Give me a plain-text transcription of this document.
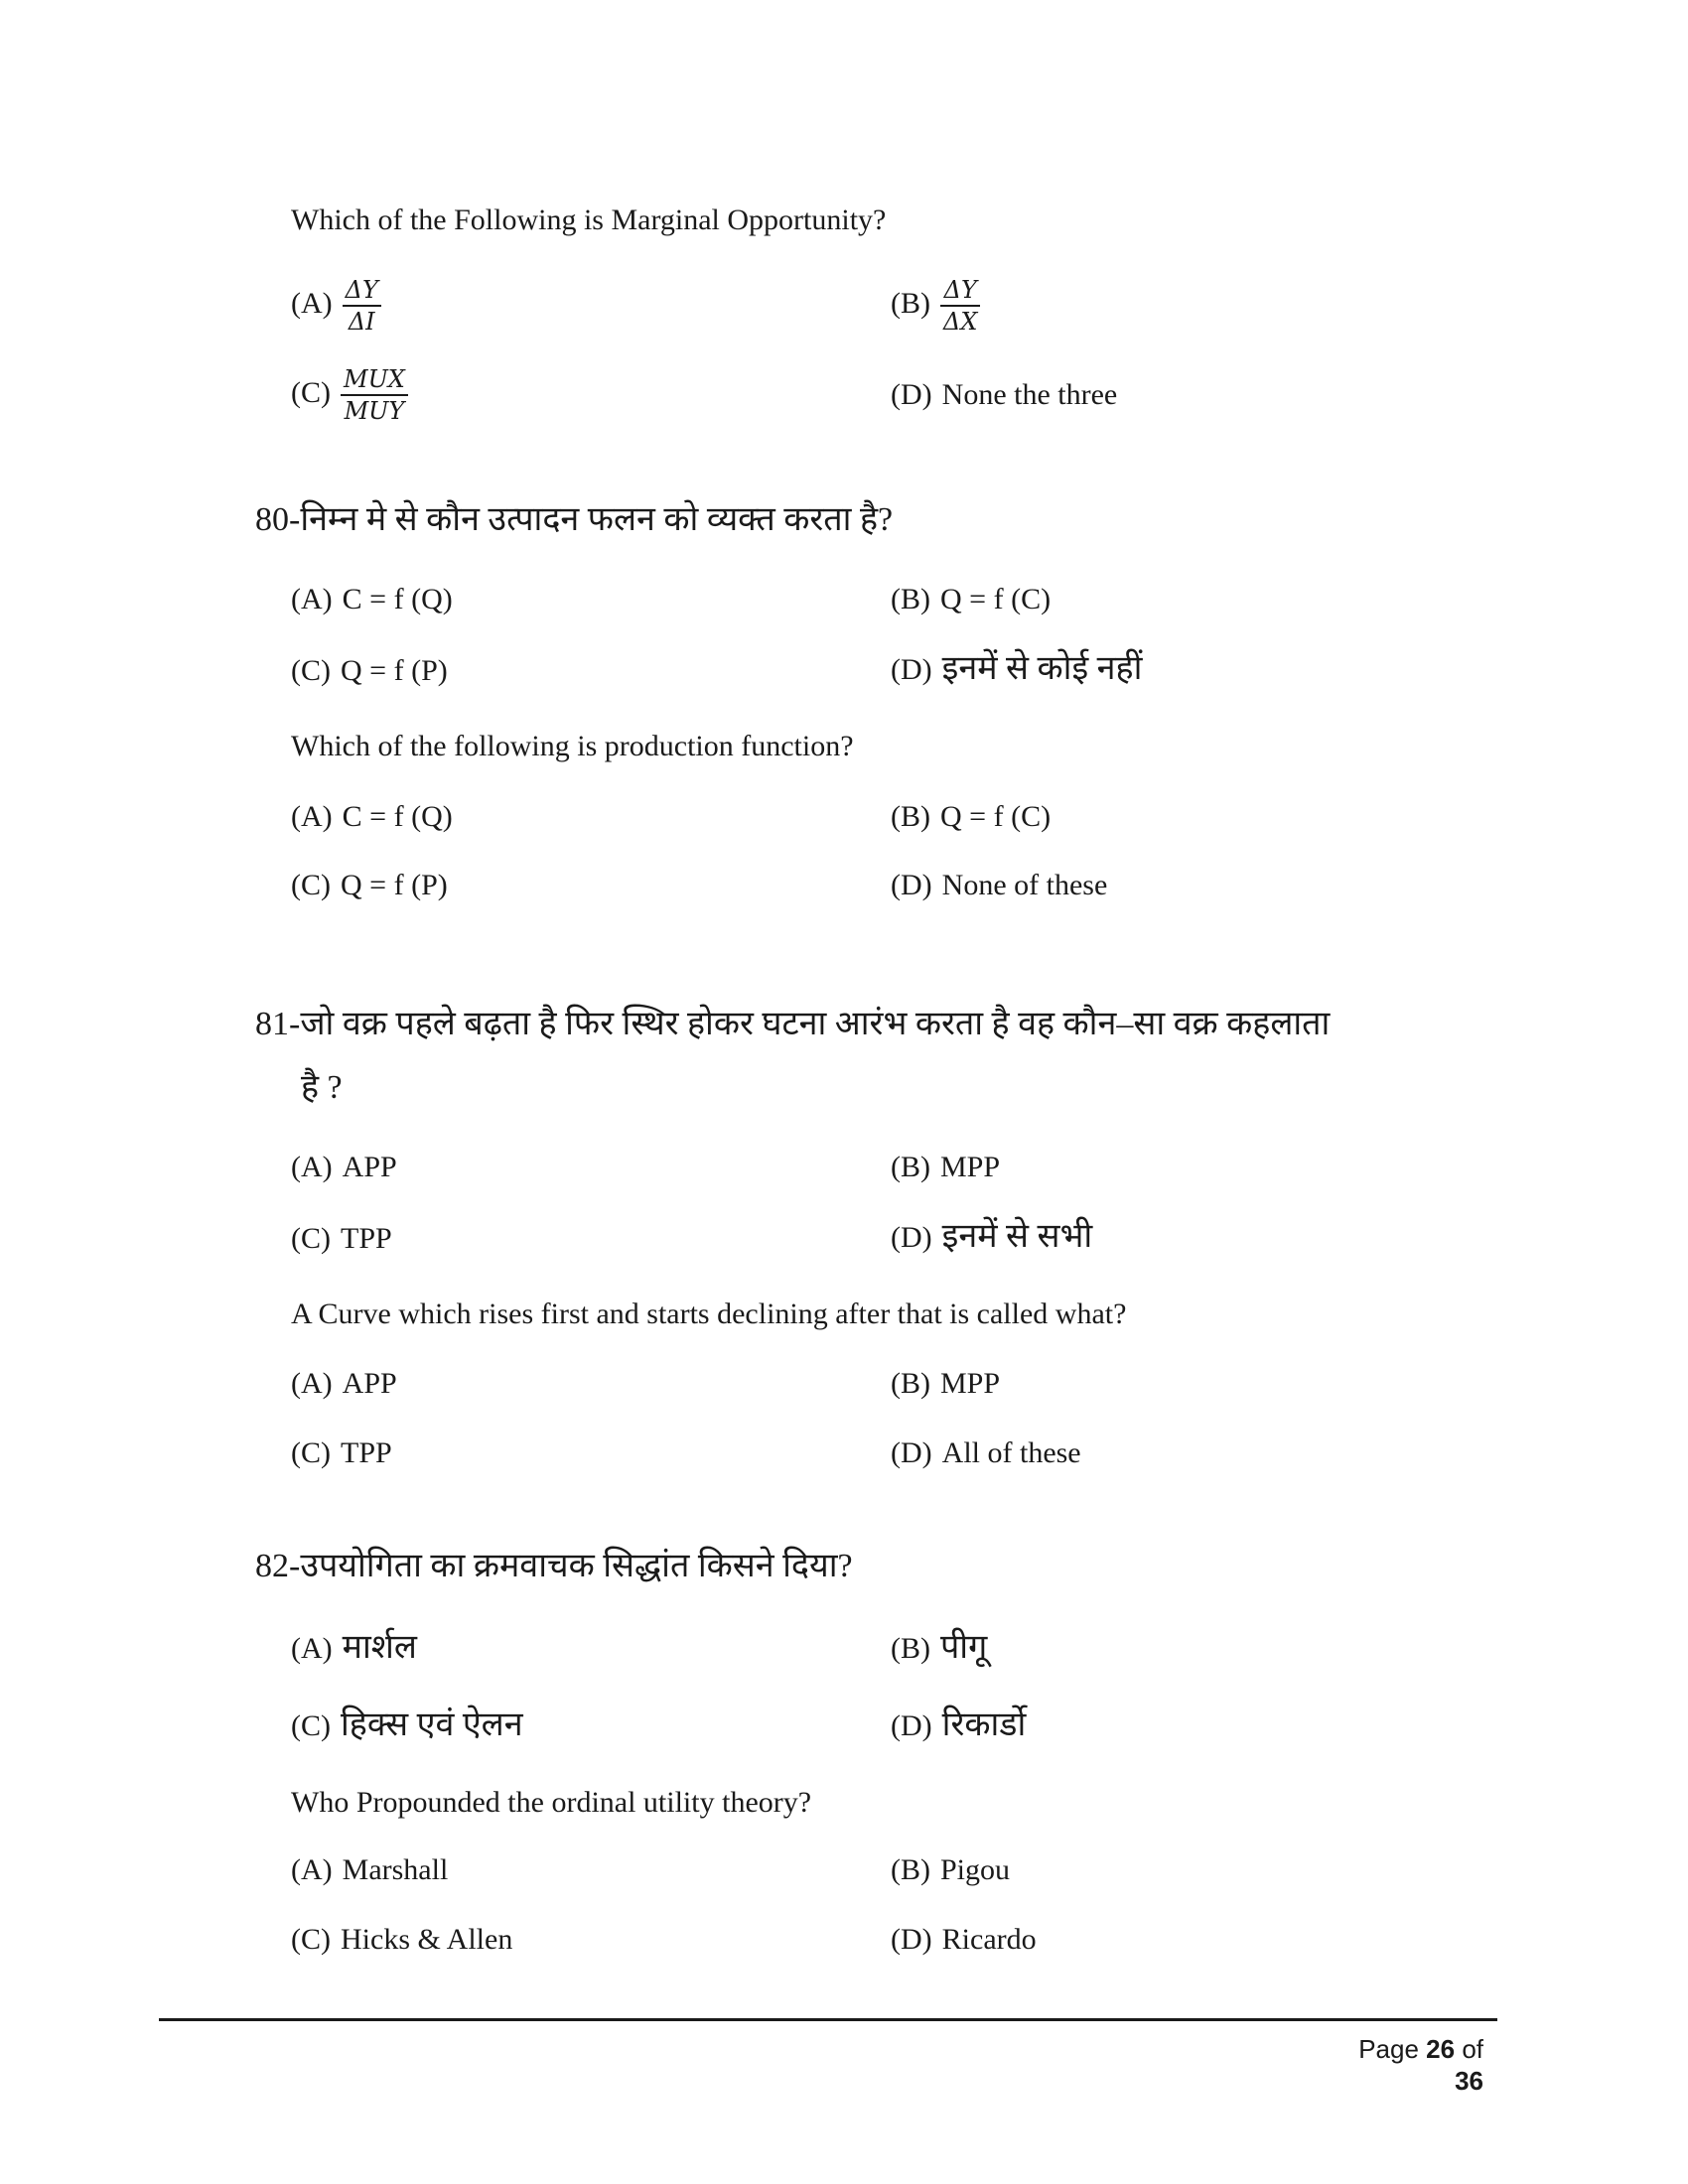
Which of the Following is Marginal Opportunity?
$(A) \frac{\Delta Y}{\Delta I}$	$(B) \frac{\Delta Y}{\Delta X}$
$(C) \frac{\text{MUX}}{\text{MUY}}$	(D) None the three
80-निम्न मे से कौन उत्पादन फलन को व्यक्त करता है?
(A) C = f (Q)	(B) Q = f (C)
(C) Q = f (P)	(D) इनमें से कोई नहीं
Which of the following is production function?
(A) C = f (Q)	(B) Q = f (C)
(C) Q = f (P)	(D) None of these
81-जो वक्र पहले बढ़ता है फिर स्थिर होकर घटना आरंभ करता है वह कौन–सा वक्र कहलाता
है ?
(A) APP	(B) MPP
(C) TPP	(D) इनमें से सभी
A Curve which rises first and starts declining after that is called what?
(A) APP	(B) MPP
(C) TPP	(D) All of these
82-उपयोगिता का क्रमवाचक सिद्धांत किसने दिया?
(A) मार्शल	(B) पीगू
(C) हिक्स एवं ऐलन	(D) रिकार्डो
Who Propounded the ordinal utility theory?
(A) Marshall	(B) Pigou
(C) Hicks & Allen	(D) Ricardo
Page 26 of 36
